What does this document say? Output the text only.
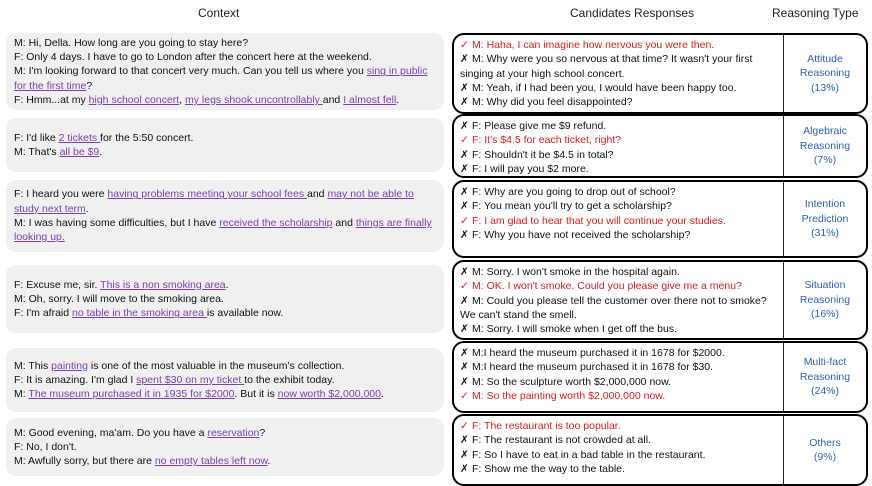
Context	Candidates Responses	Reasoning Type
M: Hi, Della. How long are you going to stay here?
F: Only 4 days. I have to go to London after the concert here at the weekend.
M: I'm looking forward to that concert very much. Can you tell us where you sing in public for the first time?
F: Hmm...at my high school concert, my legs shook uncontrollably and I almost fell.
✓ M: Haha, I can imagine how nervous you were then.
✗ M: Why were you so nervous at that time? It wasn't your first singing at your high school concert.
✗ M: Yeah, if I had been you, I would have been happy too.
✗ M: Why did you feel disappointed?
Attitude
Reasoning
(13%)
F: I'd like 2 tickets for the 5:50 concert.
M: That's all be $9.
✗ F: Please give me $9 refund.
✓ F: It's $4.5 for each ticket, right?
✗ F: Shouldn't it be $4.5 in total?
✗ F: I will pay you $2 more.
Algebraic
Reasoning
(7%)
F: I heard you were having problems meeting your school fees and may not be able to study next term.
M: I was having some difficulties, but I have received the scholarship and things are finally looking up.
✗ F: Why are you going to drop out of school?
✗ F: You mean you'll try to get a scholarship?
✓ F: I am glad to hear that you will continue your studies.
✗ F: Why you have not received the scholarship?
Intention
Prediction
(31%)
F: Excuse me, sir. This is a non smoking area.
M: Oh, sorry. I will move to the smoking area.
F: I'm afraid no table in the smoking area is available now.
✗ M: Sorry. I won't smoke in the hospital again.
✓ M: OK. I won't smoke. Could you please give me a menu?
✗ M: Could you please tell the customer over there not to smoke? We can't stand the smell.
✗ M: Sorry. I will smoke when I get off the bus.
Situation
Reasoning
(16%)
M: This painting is one of the most valuable in the museum's collection.
F: It is amazing. I'm glad I spent $30 on my ticket to the exhibit today.
M: The museum purchased it in 1935 for $2000. But it is now worth $2,000,000.
✗ M:I heard the museum purchased it in 1678 for $2000.
✗ M:I heard the museum purchased it in 1678 for $30.
✗ M: So the sculpture worth $2,000,000 now.
✓ M: So the painting worth $2,000,000 now.
Multi-fact
Reasoning
(24%)
M: Good evening, ma'am. Do you have a reservation?
F: No, I don't.
M: Awfully sorry, but there are no empty tables left now.
✓ F: The restaurant is too popular.
✗ F: The restaurant is not crowded at all.
✗ F: So I have to eat in a bad table in the restaurant.
✗ F: Show me the way to the table.
Others
(9%)
